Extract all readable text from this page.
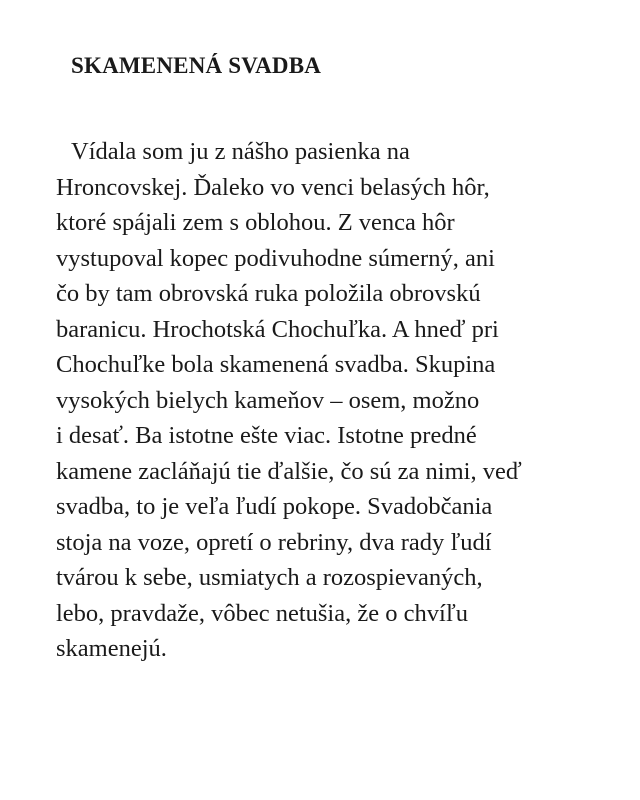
SKAMENENÁ SVADBA

Vídala som ju z nášho pasienka na
Hroncovskej. Ďaleko vo venci belasých hôr,
ktoré spájali zem s oblohou. Z venca hôr
vystupoval kopec podivuhodne súmerný, ani
čo by tam obrovská ruka položila obrovskú
baranicu. Hrochotská Chochuľka. A hneď pri
Chochuľke bola skamenená svadba. Skupina
vysokých bielych kameňov – osem, možno
i desať. Ba istotne ešte viac. Istotne predné
kamene zacláňajú tie ďalšie, čo sú za nimi, veď
svadba, to je veľa ľudí pokope. Svadobčania
stoja na voze, opretí o rebriny, dva rady ľudí
tvárou k sebe, usmiatych a rozospievaných,
lebo, pravdaže, vôbec netušia, že o chvíľu
skamenejú.
